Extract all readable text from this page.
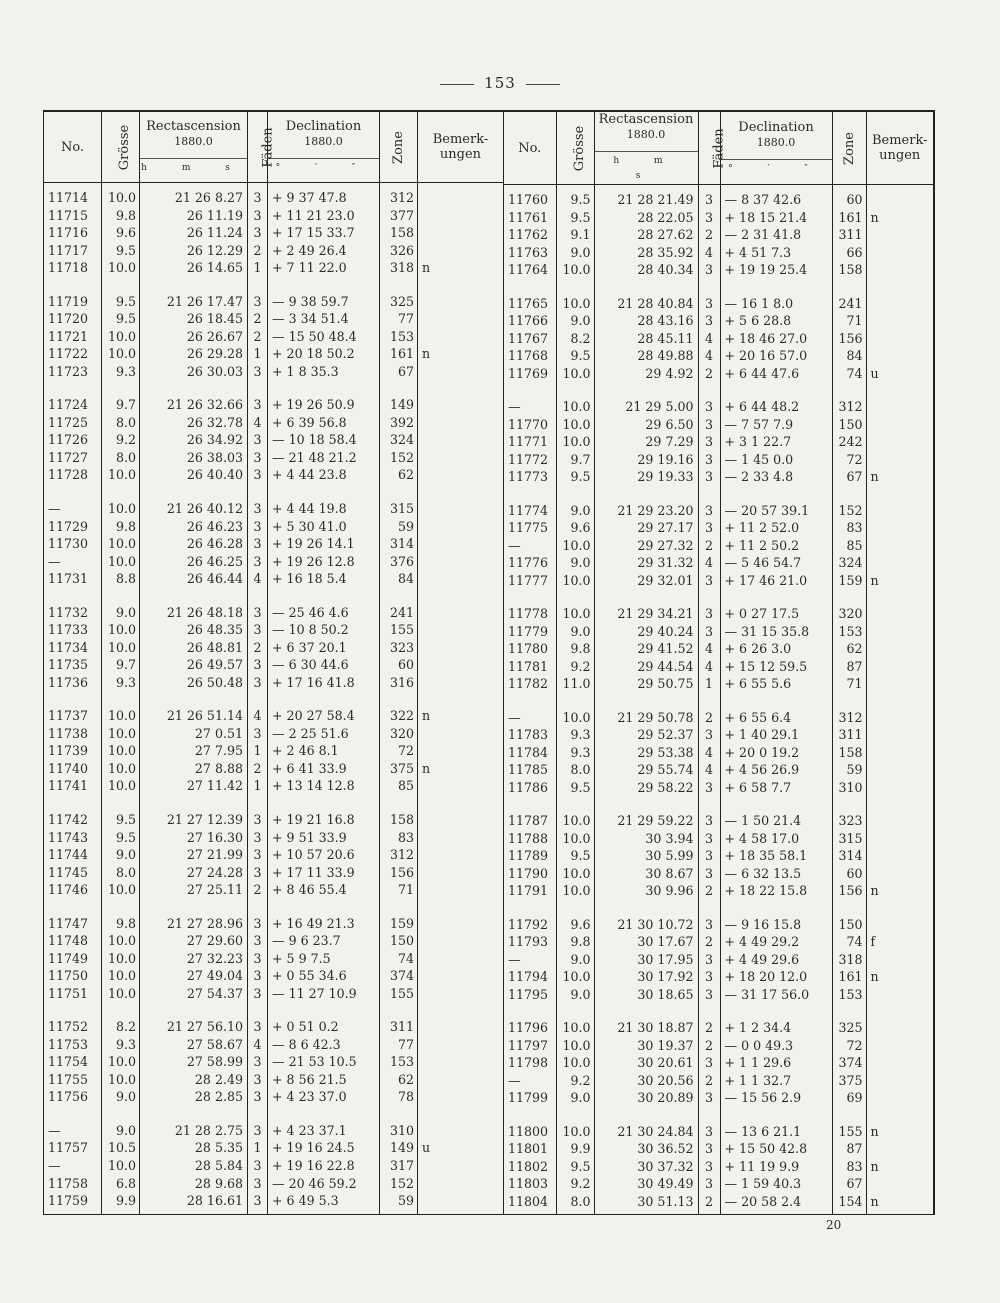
153
No.	Grösse	Rectascension
1880.0
h m s	Fäden	Declination
1880.0
° ′ ″	Zone	Bemerk-ungen
11714	10.0	21 26 8.27	3	+ 9 37 47.8	312	
11715	9.8	26 11.19	3	+ 11 21 23.0	377	
11716	9.6	26 11.24	3	+ 17 15 33.7	158	
11717	9.5	26 12.29	2	+ 2 49 26.4	326	
11718	10.0	26 14.65	1	+ 7 11 22.0	318	n

11719	9.5	21 26 17.47	3	— 9 38 59.7	325	
11720	9.5	26 18.45	2	— 3 34 51.4	77	
11721	10.0	26 26.67	2	— 15 50 48.4	153	
11722	10.0	26 29.28	1	+ 20 18 50.2	161	n
11723	9.3	26 30.03	3	+ 1 8 35.3	67	

11724	9.7	21 26 32.66	3	+ 19 26 50.9	149	
11725	8.0	26 32.78	4	+ 6 39 56.8	392	
11726	9.2	26 34.92	3	— 10 18 58.4	324	
11727	8.0	26 38.03	3	— 21 48 21.2	152	
11728	10.0	26 40.40	3	+ 4 44 23.8	62	

—	10.0	21 26 40.12	3	+ 4 44 19.8	315	
11729	9.8	26 46.23	3	+ 5 30 41.0	59	
11730	10.0	26 46.28	3	+ 19 26 14.1	314	
—	10.0	26 46.25	3	+ 19 26 12.8	376	
11731	8.8	26 46.44	4	+ 16 18 5.4	84	

11732	9.0	21 26 48.18	3	— 25 46 4.6	241	
11733	10.0	26 48.35	3	— 10 8 50.2	155	
11734	10.0	26 48.81	2	+ 6 37 20.1	323	
11735	9.7	26 49.57	3	— 6 30 44.6	60	
11736	9.3	26 50.48	3	+ 17 16 41.8	316	

11737	10.0	21 26 51.14	4	+ 20 27 58.4	322	n
11738	10.0	27 0.51	3	— 2 25 51.6	320	
11739	10.0	27 7.95	1	+ 2 46 8.1	72	
11740	10.0	27 8.88	2	+ 6 41 33.9	375	n
11741	10.0	27 11.42	1	+ 13 14 12.8	85	

11742	9.5	21 27 12.39	3	+ 19 21 16.8	158	
11743	9.5	27 16.30	3	+ 9 51 33.9	83	
11744	9.0	27 21.99	3	+ 10 57 20.6	312	
11745	8.0	27 24.28	3	+ 17 11 33.9	156	
11746	10.0	27 25.11	2	+ 8 46 55.4	71	

11747	9.8	21 27 28.96	3	+ 16 49 21.3	159	
11748	10.0	27 29.60	3	— 9 6 23.7	150	
11749	10.0	27 32.23	3	+ 5 9 7.5	74	
11750	10.0	27 49.04	3	+ 0 55 34.6	374	
11751	10.0	27 54.37	3	— 11 27 10.9	155	

11752	8.2	21 27 56.10	3	+ 0 51 0.2	311	
11753	9.3	27 58.67	4	— 8 6 42.3	77	
11754	10.0	27 58.99	3	— 21 53 10.5	153	
11755	10.0	28 2.49	3	+ 8 56 21.5	62	
11756	9.0	28 2.85	3	+ 4 23 37.0	78	

—	9.0	21 28 2.75	3	+ 4 23 37.1	310	
11757	10.5	28 5.35	1	+ 19 16 24.5	149	u
—	10.0	28 5.84	3	+ 19 16 22.8	317	
11758	6.8	28 9.68	3	— 20 46 59.2	152	
11759	9.9	28 16.61	3	+ 6 49 5.3	59	

No.	Grösse	Rectascension
1880.0
h m s	Fäden	Declination
1880.0
° ′ ″	Zone	Bemerk-ungen
11760	9.5	21 28 21.49	3	— 8 37 42.6	60	
11761	9.5	28 22.05	3	+ 18 15 21.4	161	n
11762	9.1	28 27.62	2	— 2 31 41.8	311	
11763	9.0	28 35.92	4	+ 4 51 7.3	66	
11764	10.0	28 40.34	3	+ 19 19 25.4	158	

11765	10.0	21 28 40.84	3	— 16 1 8.0	241	
11766	9.0	28 43.16	3	+ 5 6 28.8	71	
11767	8.2	28 45.11	4	+ 18 46 27.0	156	
11768	9.5	28 49.88	4	+ 20 16 57.0	84	
11769	10.0	29 4.92	2	+ 6 44 47.6	74	u

—	10.0	21 29 5.00	3	+ 6 44 48.2	312	
11770	10.0	29 6.50	3	— 7 57 7.9	150	
11771	10.0	29 7.29	3	+ 3 1 22.7	242	
11772	9.7	29 19.16	3	— 1 45 0.0	72	
11773	9.5	29 19.33	3	— 2 33 4.8	67	n

11774	9.0	21 29 23.20	3	— 20 57 39.1	152	
11775	9.6	29 27.17	3	+ 11 2 52.0	83	
—	10.0	29 27.32	2	+ 11 2 50.2	85	
11776	9.0	29 31.32	4	— 5 46 54.7	324	
11777	10.0	29 32.01	3	+ 17 46 21.0	159	n

11778	10.0	21 29 34.21	3	+ 0 27 17.5	320	
11779	9.0	29 40.24	3	— 31 15 35.8	153	
11780	9.8	29 41.52	4	+ 6 26 3.0	62	
11781	9.2	29 44.54	4	+ 15 12 59.5	87	
11782	11.0	29 50.75	1	+ 6 55 5.6	71	

—	10.0	21 29 50.78	2	+ 6 55 6.4	312	
11783	9.3	29 52.37	3	+ 1 40 29.1	311	
11784	9.3	29 53.38	4	+ 20 0 19.2	158	
11785	8.0	29 55.74	4	+ 4 56 26.9	59	
11786	9.5	29 58.22	3	+ 6 58 7.7	310	

11787	10.0	21 29 59.22	3	— 1 50 21.4	323	
11788	10.0	30 3.94	3	+ 4 58 17.0	315	
11789	9.5	30 5.99	3	+ 18 35 58.1	314	
11790	10.0	30 8.67	3	— 6 32 13.5	60	
11791	10.0	30 9.96	2	+ 18 22 15.8	156	n

11792	9.6	21 30 10.72	3	— 9 16 15.8	150	
11793	9.8	30 17.67	2	+ 4 49 29.2	74	f
—	9.0	30 17.95	3	+ 4 49 29.6	318	
11794	10.0	30 17.92	3	+ 18 20 12.0	161	n
11795	9.0	30 18.65	3	— 31 17 56.0	153	

11796	10.0	21 30 18.87	2	+ 1 2 34.4	325	
11797	10.0	30 19.37	2	— 0 0 49.3	72	
11798	10.0	30 20.61	3	+ 1 1 29.6	374	
—	9.2	30 20.56	2	+ 1 1 32.7	375	
11799	9.0	30 20.89	3	— 15 56 2.9	69	

11800	10.0	21 30 24.84	3	— 13 6 21.1	155	n
11801	9.9	30 36.52	3	+ 15 50 42.8	87	
11802	9.5	30 37.32	3	+ 11 19 9.9	83	n
11803	9.2	30 49.49	3	— 1 59 40.3	67	
11804	8.0	30 51.13	2	— 20 58 2.4	154	n

20
